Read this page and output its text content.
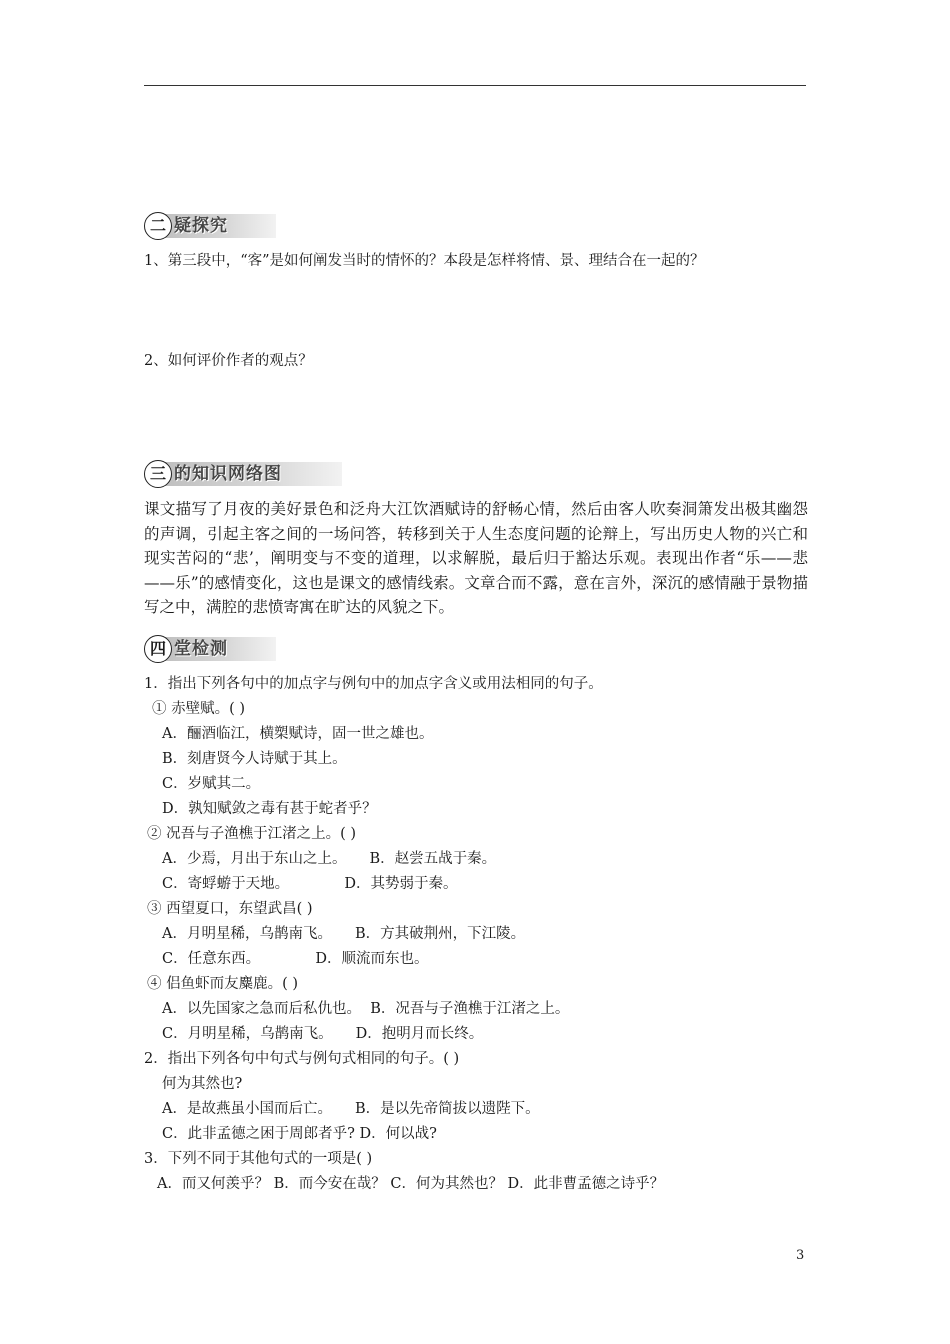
疑探究
二
1、第三段中，“客”是如何阐发当时的情怀的？本段是怎样将情、景、理结合在一起的？
2、如何评价作者的观点？
的知识网络图
三
课文描写了月夜的美好景色和泛舟大江饮酒赋诗的舒畅心情，然后由客人吹奏洞箫发出极其幽怨的声调，引起主客之间的一场问答，转移到关于人生态度问题的论辩上，写出历史人物的兴亡和现实苦闷的“悲’，阐明变与不变的道理，以求解脱，最后归于豁达乐观。表现出作者“乐——悲——乐”的感情变化，这也是课文的感情线索。文章合而不露，意在言外，深沉的感情融于景物描写之中，满腔的悲愤寄寓在旷达的风貌之下。
堂检测
四
1．指出下列各句中的加点字与例句中的加点字含义或用法相同的句子。
① 赤壁赋。( )
A．酾酒临江，横槊赋诗，固一世之雄也。
B．刻唐贤今人诗赋于其上。
C．岁赋其二。
D．孰知赋敛之毒有甚于蛇者乎？
② 况吾与子渔樵于江渚之上。( )
A．少焉，月出于东山之上。     B．赵尝五战于秦。
C．寄蜉蝣于天地。            D．其势弱于秦。
③ 西望夏口，东望武昌( )
A．月明星稀，乌鹊南飞。     B．方其破荆州，下江陵。
C．任意东西。            D．顺流而东也。
④ 侣鱼虾而友麋鹿。( )
A．以先国家之急而后私仇也。  B．况吾与子渔樵于江渚之上。
C．月明星稀，乌鹊南飞。     D．抱明月而长终。
2．指出下列各句中句式与例句式相同的句子。( )
何为其然也?
A．是故燕虽小国而后亡。     B．是以先帝简拔以遗陛下。
C．此非孟德之困于周郎者乎? D．何以战?
3．下列不同于其他句式的一项是( )
A．而又何羡乎？ B．而今安在哉？ C．何为其然也？ D．此非曹孟德之诗乎？
3
